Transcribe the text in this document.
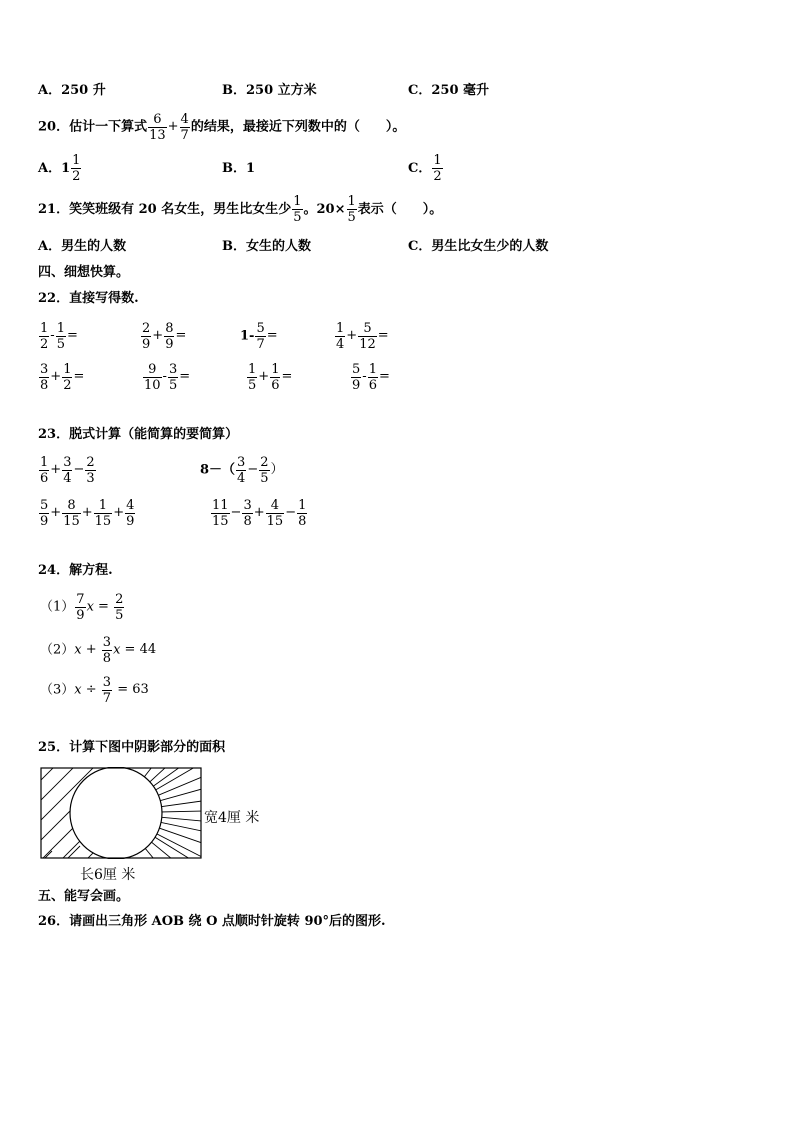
A．250 升	B．250 立方米	C．250 毫升
20．估计一下算式 $\frac{6}{13} + \frac{4}{7}$ 的结果，最接近下列数中的（　　）。
A．$1 \frac{1}{2}$	B．1	C． $\frac{1}{2}$
21．笑笑班级有 20 名女生，男生比女生少 $\frac{1}{5}$ 。$20\times \frac{1}{5}$ 表示（　　）。
A．男生的人数	B．女生的人数	C．男生比女生少的人数
四、细想快算。
22．直接写得数.
$\frac{1}{2} - \frac{1}{5}$ =	$\frac{2}{9} + \frac{8}{9}$ =	$1- \frac{5}{7}$ =	$\frac{1}{4} + \frac{5}{12}$ =
$\frac{3}{8} + \frac{1}{2}$ =	$\frac{9}{10} - \frac{3}{5}$ =	$\frac{1}{5} + \frac{1}{6}$ =	$\frac{5}{9} - \frac{1}{6}$ =
23．脱式计算（能简算的要简算）
$\frac{1}{6} + \frac{3}{4} - \frac{2}{3}$	$8-( \frac{3}{4} - \frac{2}{5}$ ）
$\frac{5}{9} + \frac{8}{15} + \frac{1}{15} + \frac{4}{9}$	$\frac{11}{15} - \frac{3}{8} + \frac{4}{15} - \frac{1}{8}$
24．解方程.
$(1) \frac{7}{9}$ $x = \frac{2}{5}$
$(2)x + \frac{3}{8}$ x = 44
$(3)x \div \frac{3}{7} = 63$
25．计算下图中阴影部分的面积
宽4厘 米
长6厘 米
五、能写会画。
26．请画出三角形 AOB 绕 O 点顺时针旋转 90°后的图形.
